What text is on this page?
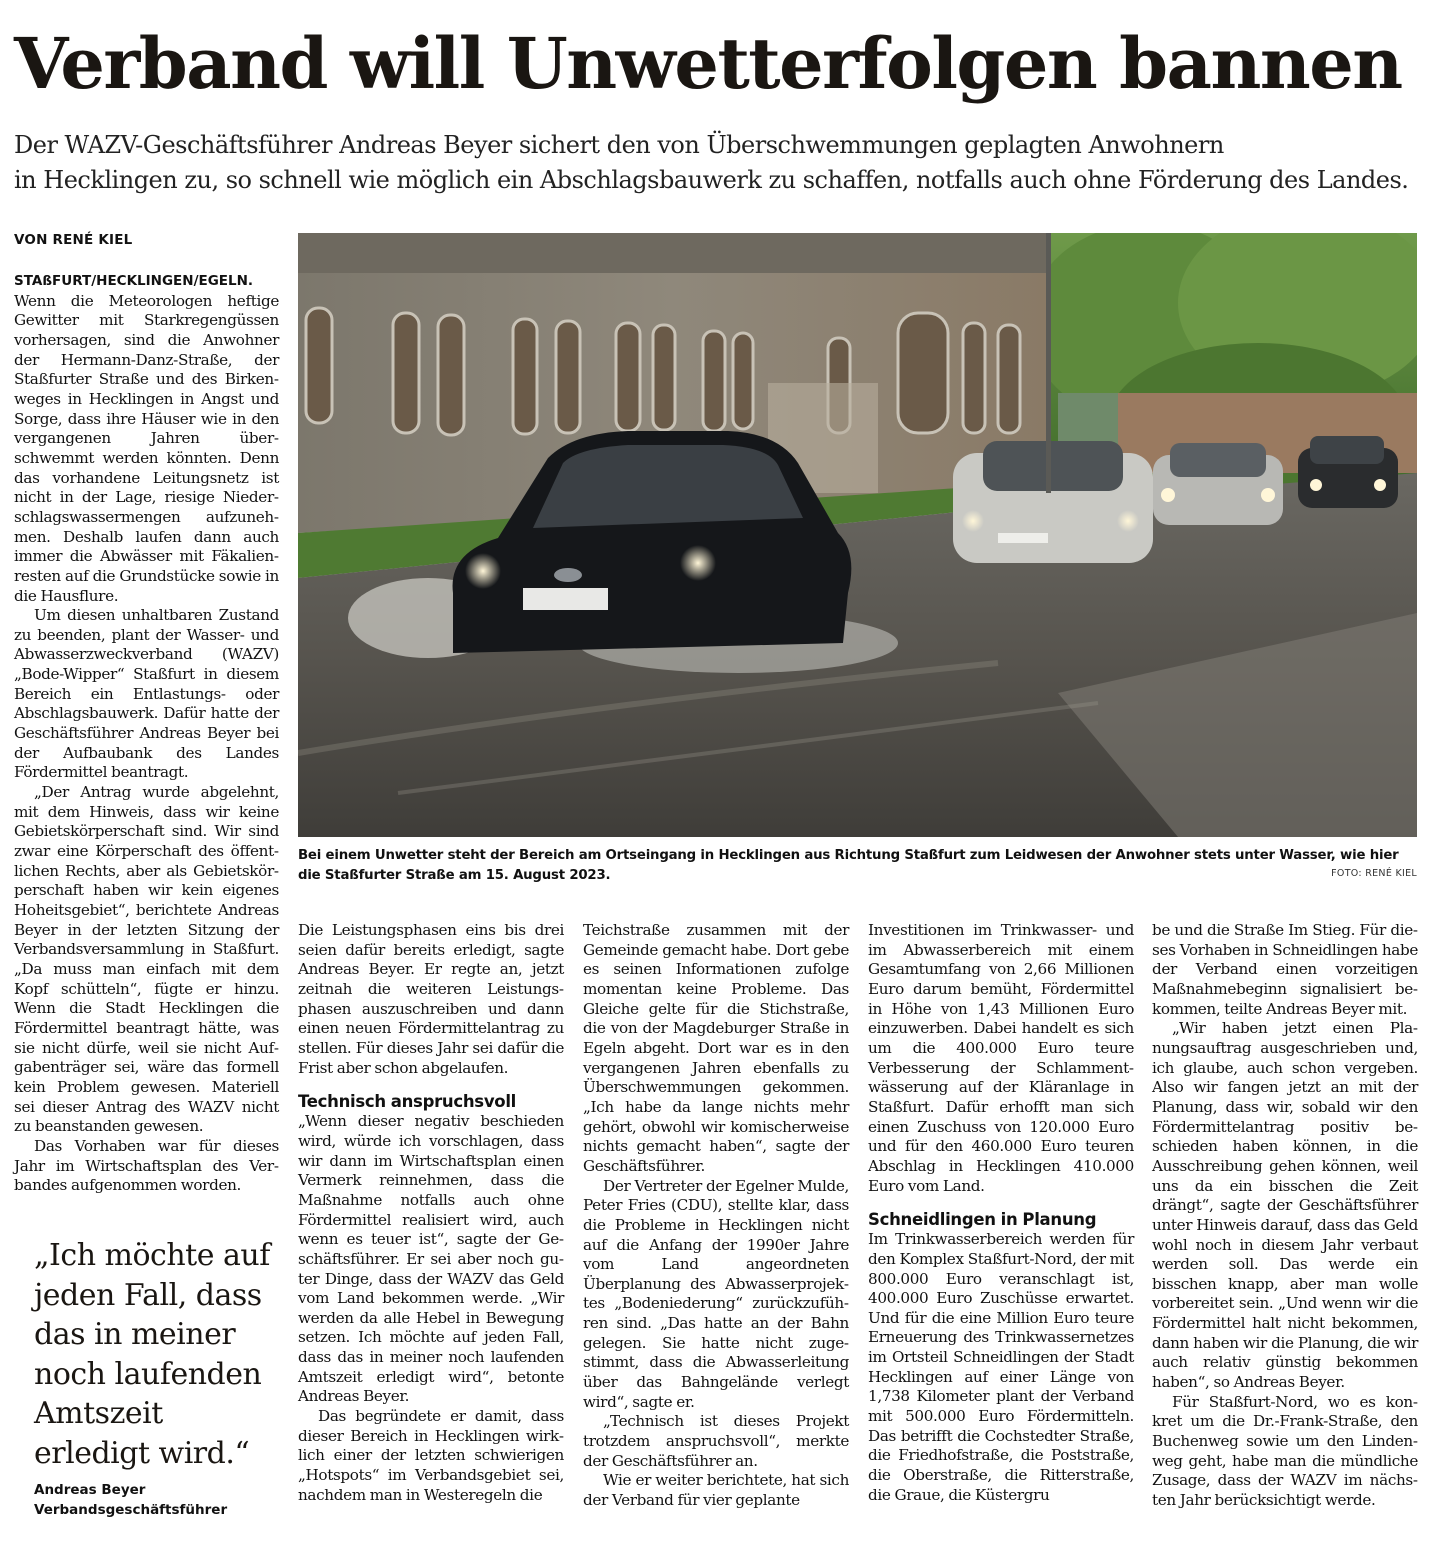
Verband will Unwetterfolgen bannen
Der WAZV-Geschäftsführer Andreas Beyer sichert den von Überschwemmungen geplagten Anwohnern
in Hecklingen zu, so schnell wie möglich ein Abschlagsbauwerk zu schaffen, notfalls auch ohne Förderung des Landes.
VON RENÉ KIEL
STAßFURT/HECKLINGEN/EGELN.

Wenn die Meteorologen heftige Gewitter mit Starkregengüssen vorhersagen, sind die Anwohner der Hermann-Danz-Straße, der Staßfurter Straße und des Birkenweges in Hecklingen in Angst und Sorge, dass ihre Häuser wie in den vergangenen Jahren überschwemmt werden könnten. Denn das vorhandene Leitungsnetz ist nicht in der Lage, riesige Niederschlagswassermengen aufzunehmen. Deshalb laufen dann auch immer die Abwässer mit Fäkalienresten auf die Grundstücke sowie in die Hausflure.

Um diesen unhaltbaren Zustand zu beenden, plant der Wasser- und Abwasserzweckverband (WAZV) „Bode-Wipper“ Staßfurt in diesem Bereich ein Entlastungs- oder Abschlagsbauwerk. Dafür hatte der Geschäftsführer Andreas Beyer bei der Aufbaubank des Landes Fördermittel beantragt.

„Der Antrag wurde abgelehnt, mit dem Hinweis, dass wir keine Gebietskörperschaft sind. Wir sind zwar eine Körperschaft des öffentlichen Rechts, aber als Gebietskörperschaft haben wir kein eigenes Hoheitsgebiet“, berichtete Andreas Beyer in der letzten Sitzung der Verbandsversammlung in Staßfurt. „Da muss man einfach mit dem Kopf schütteln“, fügte er hinzu. Wenn die Stadt Hecklingen die Fördermittel beantragt hätte, was sie nicht dürfe, weil sie nicht Aufgabenträger sei, wäre das formell kein Problem gewesen. Materiell sei dieser Antrag des WAZV nicht zu beanstanden gewesen.

Das Vorhaben war für dieses Jahr im Wirtschaftsplan des Verbandes aufgenommen worden.

Bei einem Unwetter steht der Bereich am Ortseingang in Hecklingen aus Richtung Staßfurt zum Leidwesen der Anwohner stets unter Wasser, wie hier die Staßfurter Straße am 15. August 2023.	FOTO: RENÉ KIEL

Die Leistungsphasen eins bis drei seien dafür bereits erledigt, sagte Andreas Beyer. Er regte an, jetzt zeitnah die weiteren Leistungsphasen auszuschreiben und dann einen neuen Fördermittelantrag zu stellen. Für dieses Jahr sei dafür die Frist aber schon abgelaufen.

Technisch anspruchsvoll

„Wenn dieser negativ beschieden wird, würde ich vorschlagen, dass wir dann im Wirtschaftsplan einen Vermerk reinnehmen, dass die Maßnahme notfalls auch ohne Fördermittel realisiert wird, auch wenn es teuer ist“, sagte der Geschäftsführer. Er sei aber noch guter Dinge, dass der WAZV das Geld vom Land bekommen werde. „Wir werden da alle Hebel in Bewegung setzen. Ich möchte auf jeden Fall, dass das in meiner noch laufenden Amtszeit erledigt wird“, betonte Andreas Beyer.

Das begründete er damit, dass dieser Bereich in Hecklingen wirklich einer der letzten schwierigen „Hotspots“ im Verbandsgebiet sei, nachdem man in Westeregeln die

Teichstraße zusammen mit der Gemeinde gemacht habe. Dort gebe es seinen Informationen zufolge momentan keine Probleme. Das Gleiche gelte für die Stichstraße, die von der Magdeburger Straße in Egeln abgeht. Dort war es in den vergangenen Jahren ebenfalls zu Überschwemmungen gekommen. „Ich habe da lange nichts mehr gehört, obwohl wir komischerweise nichts gemacht haben“, sagte der Geschäftsführer.

Der Vertreter der Egelner Mulde, Peter Fries (CDU), stellte klar, dass die Probleme in Hecklingen nicht auf die Anfang der 1990er Jahre vom Land angeordneten Überplanung des Abwasserprojektes „Bodeniederung“ zurückzuführen sind. „Das hatte an der Bahn gelegen. Sie hatte nicht zugestimmt, dass die Abwasserleitung über das Bahngelände verlegt wird“, sagte er.

„Technisch ist dieses Projekt trotzdem anspruchsvoll“, merkte der Geschäftsführer an.

Wie er weiter berichtete, hat sich der Verband für vier geplante

Investitionen im Trinkwasser- und im Abwasserbereich mit einem Gesamtumfang von 2,66 Millionen Euro darum bemüht, Fördermittel in Höhe von 1,43 Millionen Euro einzuwerben. Dabei handelt es sich um die 400.000 Euro teure Verbesserung der Schlammentwässerung auf der Kläranlage in Staßfurt. Dafür erhofft man sich einen Zuschuss von 120.000 Euro und für den 460.000 Euro teuren Abschlag in Hecklingen 410.000 Euro vom Land.

Schneidlingen in Planung

Im Trinkwasserbereich werden für den Komplex Staßfurt-Nord, der mit 800.000 Euro veranschlagt ist, 400.000 Euro Zuschüsse erwartet. Und für die eine Million Euro teure Erneuerung des Trinkwassernetzes im Ortsteil Schneidlingen der Stadt Hecklingen auf einer Länge von 1,738 Kilometer plant der Verband mit 500.000 Euro Fördermitteln. Das betrifft die Cochstedter Straße, die Friedhofstraße, die Poststraße, die Oberstraße, die Ritterstraße, die Graue, die Küstergru

be und die Straße Im Stieg. Für dieses Vorhaben in Schneidlingen habe der Verband einen vorzeitigen Maßnahmebeginn signalisiert bekommen, teilte Andreas Beyer mit.

„Wir haben jetzt einen Planungsauftrag ausgeschrieben und, ich glaube, auch schon vergeben. Also wir fangen jetzt an mit der Planung, dass wir, sobald wir den Fördermittelantrag positiv beschieden haben können, in die Ausschreibung gehen können, weil uns da ein bisschen die Zeit drängt“, sagte der Geschäftsführer unter Hinweis darauf, dass das Geld wohl noch in diesem Jahr verbaut werden soll. Das werde ein bisschen knapp, aber man wolle vorbereitet sein. „Und wenn wir die Fördermittel halt nicht bekommen, dann haben wir die Planung, die wir auch relativ günstig bekommen haben“, so Andreas Beyer.

Für Staßfurt-Nord, wo es konkret um die Dr.-Frank-Straße, den Buchenweg sowie um den Lindenweg geht, habe man die mündliche Zusage, dass der WAZV im nächsten Jahr berücksichtigt werde.

„Ich möchte auf
jeden Fall, dass
das in meiner
noch laufenden
Amtszeit
erledigt wird.“
Andreas Beyer
Verbandsgeschäftsführer
